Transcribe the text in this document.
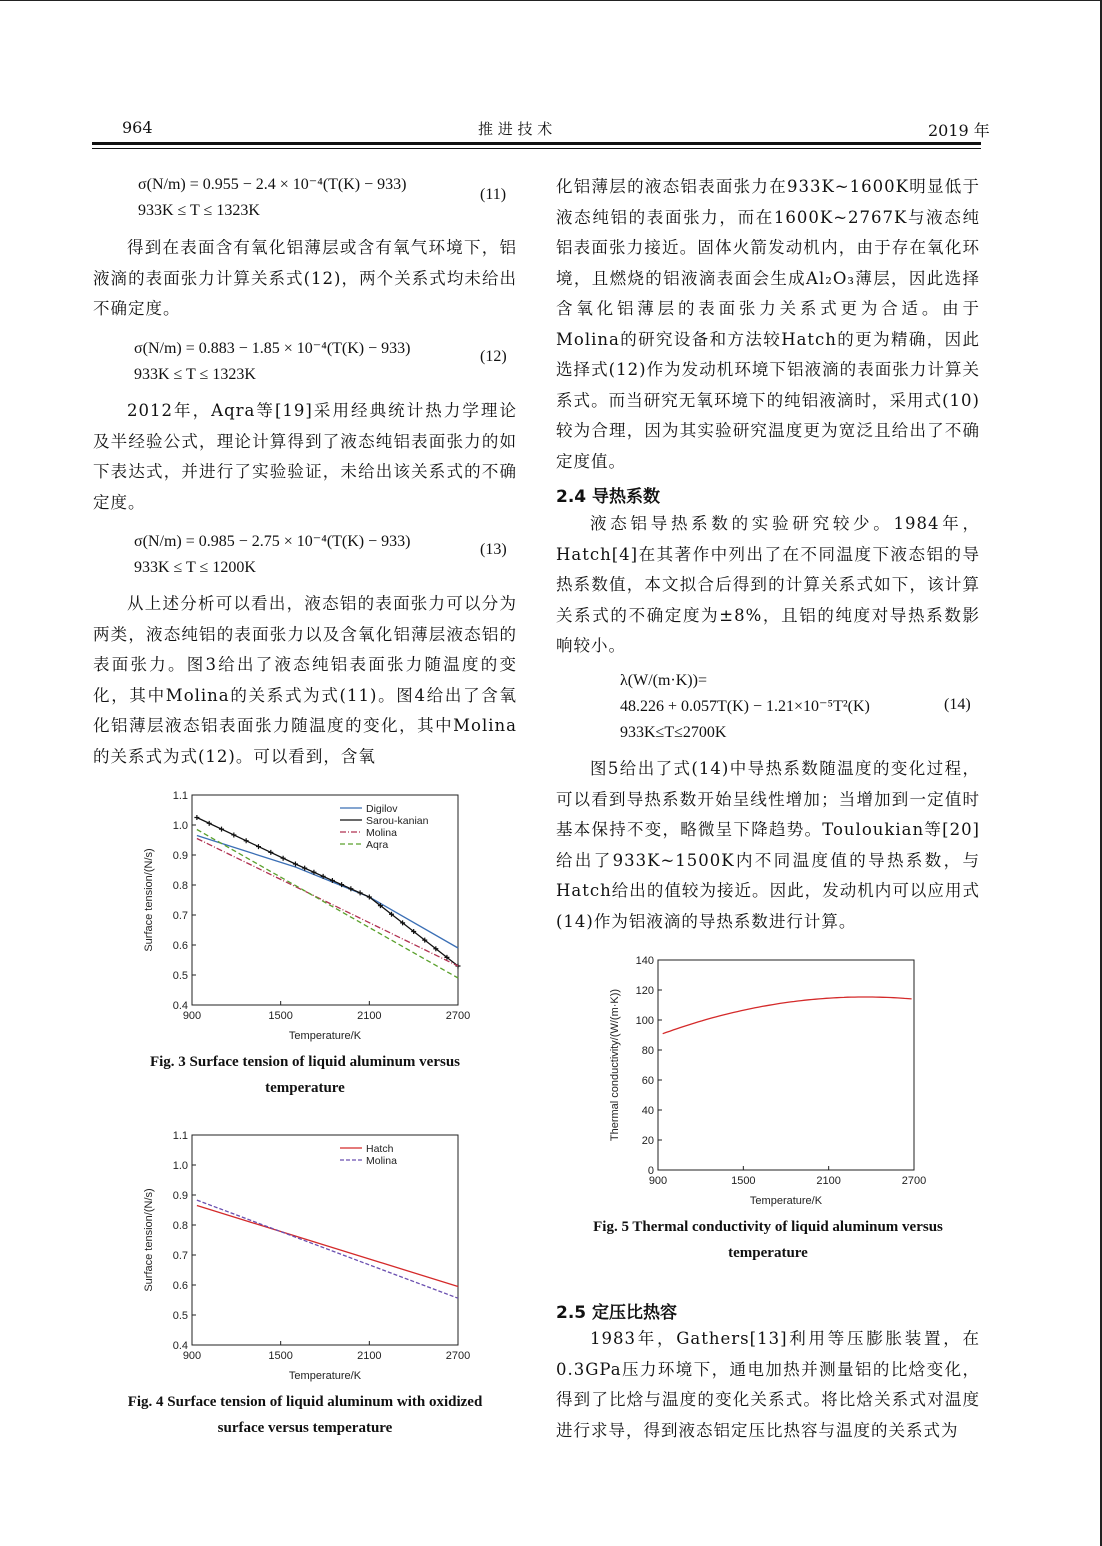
964	推 进 技 术	2019 年
σ(N/m) = 0.955 − 2.4 × 10⁻⁴(T(K) − 933)
933K ≤ T ≤ 1323K
(11)

得到在表面含有氧化铝薄层或含有氧气环境下，铝液滴的表面张力计算关系式(12)，两个关系式均未给出不确定度。

σ(N/m) = 0.883 − 1.85 × 10⁻⁴(T(K) − 933)
933K ≤ T ≤ 1323K
(12)

2012年，Aqra等[19]采用经典统计热力学理论及半经验公式，理论计算得到了液态纯铝表面张力的如下表达式，并进行了实验验证，未给出该关系式的不确定度。

σ(N/m) = 0.985 − 2.75 × 10⁻⁴(T(K) − 933)
933K ≤ T ≤ 1200K
(13)

从上述分析可以看出，液态铝的表面张力可以分为两类，液态纯铝的表面张力以及含氧化铝薄层液态铝的表面张力。图3给出了液态纯铝表面张力随温度的变化，其中Molina的关系式为式(11)。图4给出了含氧化铝薄层液态铝表面张力随温度的变化，其中Molina的关系式为式(12)。可以看到，含氧

900	1500	2100	2700
0.4
0.5
0.6
0.7
0.8
0.9
1.0
1.1
Temperature/K
Surface tension/(N/s)
Digilov
Sarou-kanian
Molina
Aqra
Fig. 3 Surface tension of liquid aluminum versus
temperature
900	1500	2100	2700
0.4
0.5
0.6
0.7
0.8
0.9
1.0
1.1
Temperature/K
Surface tension/(N/s)
Hatch
Molina
Fig. 4 Surface tension of liquid aluminum with oxidized
surface versus temperature

化铝薄层的液态铝表面张力在933K~1600K明显低于液态纯铝的表面张力，而在1600K~2767K与液态纯铝表面张力接近。固体火箭发动机内，由于存在氧化环境，且燃烧的铝液滴表面会生成Al₂O₃薄层，因此选择含氧化铝薄层的表面张力关系式更为合适。由于Molina的研究设备和方法较Hatch的更为精确，因此选择式(12)作为发动机环境下铝液滴的表面张力计算关系式。而当研究无氧环境下的纯铝液滴时，采用式(10)较为合理，因为其实验研究温度更为宽泛且给出了不确定度值。

2.4 导热系数

液态铝导热系数的实验研究较少。1984年，Hatch[4]在其著作中列出了在不同温度下液态铝的导热系数值，本文拟合后得到的计算关系式如下，该计算关系式的不确定度为±8%，且铝的纯度对导热系数影响较小。

λ(W/(m·K))=
48.226 + 0.057T(K) − 1.21×10⁻⁵T²(K)
933K≤T≤2700K
(14)

图5给出了式(14)中导热系数随温度的变化过程，可以看到导热系数开始呈线性增加；当增加到一定值时基本保持不变，略微呈下降趋势。Touloukian等[20]给出了933K~1500K内不同温度值的导热系数，与Hatch给出的值较为接近。因此，发动机内可以应用式(14)作为铝液滴的导热系数进行计算。

900	1500	2100	2700
0
20
40
60
80
100
120
140
Temperature/K
Thermal conductivity/(W/(m·K))
Fig. 5 Thermal conductivity of liquid aluminum versus
temperature
2.5 定压比热容

1983年，Gathers[13]利用等压膨胀装置，在0.3GPa压力环境下，通电加热并测量铝的比焓变化，得到了比焓与温度的变化关系式。将比焓关系式对温度进行求导，得到液态铝定压比热容与温度的关系式为
